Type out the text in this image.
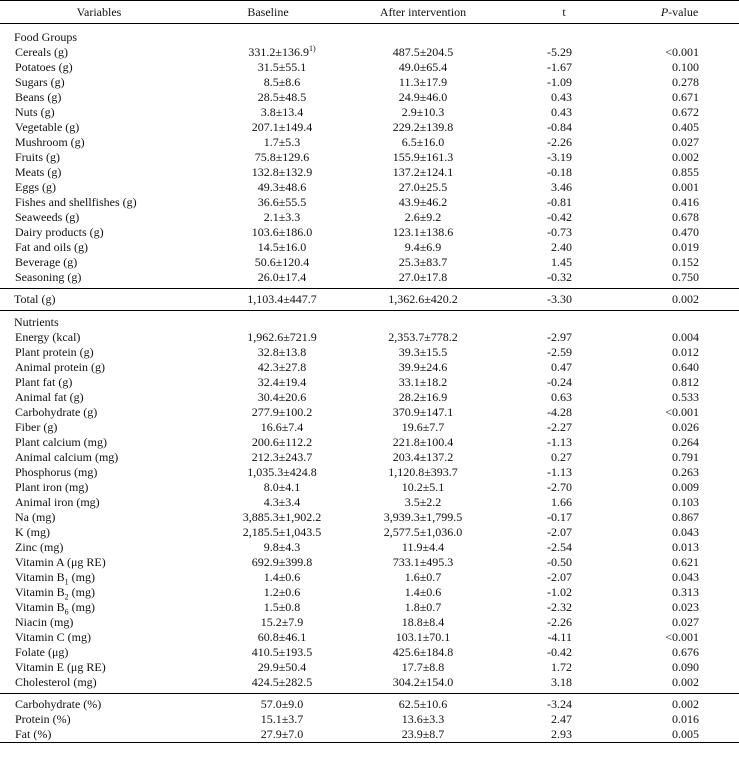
Variables	Baseline	After intervention	t	P-value
Food Groups				
Cereals (g)	$331.2\pm 136.9^{1)}$	487.5±204.5	-5.29	<0.001
Potatoes (g)	31.5±55.1	49.0±65.4	-1.67	0.100
Sugars (g)	8.5±8.6	11.3±17.9	-1.09	0.278
Beans (g)	28.5±48.5	24.9±46.0	0.43	0.671
Nuts (g)	3.8±13.4	2.9±10.3	0.43	0.672
Vegetable (g)	207.1±149.4	229.2±139.8	-0.84	0.405
Mushroom (g)	1.7±5.3	6.5±16.0	-2.26	0.027
Fruits (g)	75.8±129.6	155.9±161.3	-3.19	0.002
Meats (g)	132.8±132.9	137.2±124.1	-0.18	0.855
Eggs (g)	49.3±48.6	27.0±25.5	3.46	0.001
Fishes and shellfishes (g)	36.6±55.5	43.9±46.2	-0.81	0.416
Seaweeds (g)	2.1±3.3	2.6±9.2	-0.42	0.678
Dairy products (g)	103.6±186.0	123.1±138.6	-0.73	0.470
Fat and oils (g)	14.5±16.0	9.4±6.9	2.40	0.019
Beverage (g)	50.6±120.4	25.3±83.7	1.45	0.152
Seasoning (g)	26.0±17.4	27.0±17.8	-0.32	0.750
Total (g)	1,103.4±447.7	1,362.6±420.2	-3.30	0.002
Nutrients				
Energy (kcal)	1,962.6±721.9	2,353.7±778.2	-2.97	0.004
Plant protein (g)	32.8±13.8	39.3±15.5	-2.59	0.012
Animal protein (g)	42.3±27.8	39.9±24.6	0.47	0.640
Plant fat (g)	32.4±19.4	33.1±18.2	-0.24	0.812
Animal fat (g)	30.4±20.6	28.2±16.9	0.63	0.533
Carbohydrate (g)	277.9±100.2	370.9±147.1	-4.28	<0.001
Fiber (g)	16.6±7.4	19.6±7.7	-2.27	0.026
Plant calcium (mg)	200.6±112.2	221.8±100.4	-1.13	0.264
Animal calcium (mg)	212.3±243.7	203.4±137.2	0.27	0.791
Phosphorus (mg)	1,035.3±424.8	1,120.8±393.7	-1.13	0.263
Plant iron (mg)	8.0±4.1	10.2±5.1	-2.70	0.009
Animal iron (mg)	4.3±3.4	3.5±2.2	1.66	0.103
Na (mg)	3,885.3±1,902.2	3,939.3±1,799.5	-0.17	0.867
K (mg)	2,185.5±1,043.5	2,577.5±1,036.0	-2.07	0.043
Zinc (mg)	9.8±4.3	11.9±4.4	-2.54	0.013
Vitamin A (μg RE)	692.9±399.8	733.1±495.3	-0.50	0.621
Vitamin $B_1$ (mg)	1.4±0.6	1.6±0.7	-2.07	0.043
Vitamin $B_2$ (mg)	1.2±0.6	1.4±0.6	-1.02	0.313
Vitamin $B_6$ (mg)	1.5±0.8	1.8±0.7	-2.32	0.023
Niacin (mg)	15.2±7.9	18.8±8.4	-2.26	0.027
Vitamin C (mg)	60.8±46.1	103.1±70.1	-4.11	<0.001
Folate (μg)	410.5±193.5	425.6±184.8	-0.42	0.676
Vitamin E (μg RE)	29.9±50.4	17.7±8.8	1.72	0.090
Cholesterol (mg)	424.5±282.5	304.2±154.0	3.18	0.002
Carbohydrate (%)	57.0±9.0	62.5±10.6	-3.24	0.002
Protein (%)	15.1±3.7	13.6±3.3	2.47	0.016
Fat (%)	27.9±7.0	23.9±8.7	2.93	0.005
